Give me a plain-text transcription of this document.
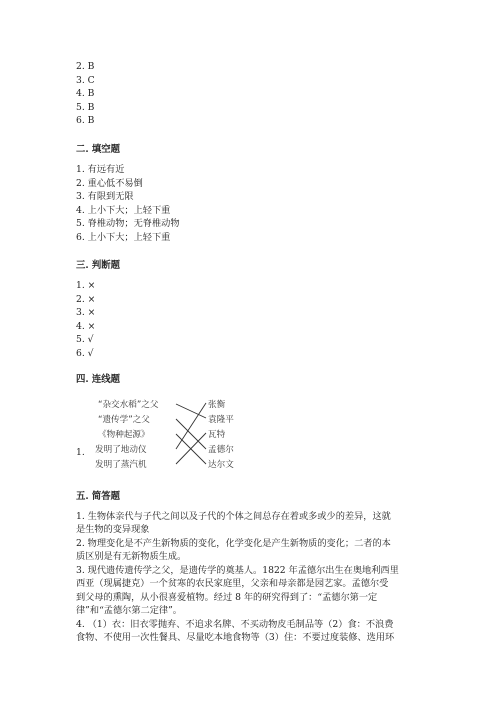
2. B
3. C
4. B
5. B
6. B
二. 填空题
1. 有远有近
2. 重心低不易倒
3. 有限到无限
4. 上小下大；上轻下重
5. 脊椎动物；无脊椎动物
6. 上小下大；上轻下重
三. 判断题
1. ×
2. ×
3. ×
4. ×
5. √
6. √
四. 连线题
1.
“杂交水稻”之父
“遗传学”之父
《物种起源》
发明了地动仪
发明了蒸汽机
张衡
袁隆平
瓦特
孟德尔
达尔文
五. 简答题
1. 生物体亲代与子代之间以及子代的个体之间总存在着或多或少的差异，这就
是生物的变异现象
2. 物理变化是不产生新物质的变化，化学变化是产生新物质的变化；二者的本
质区别是有无新物质生成。
3. 现代遗传遗传学之父，是遗传学的奠基人。1822 年孟德尔出生在奥地利西里
西亚（现属捷克）一个贫寒的农民家庭里，父亲和母亲都是园艺家。孟德尔受
到父母的熏陶，从小很喜爱植物。经过 8 年的研究得到了：“孟德尔第一定
律”和“孟德尔第二定律”。
4. （1）衣：旧衣零抛弃、不追求名牌、不买动物皮毛制品等（2）食：不浪费
食物、不使用一次性餐具、尽量吃本地食物等（3）住：不要过度装修、选用环
